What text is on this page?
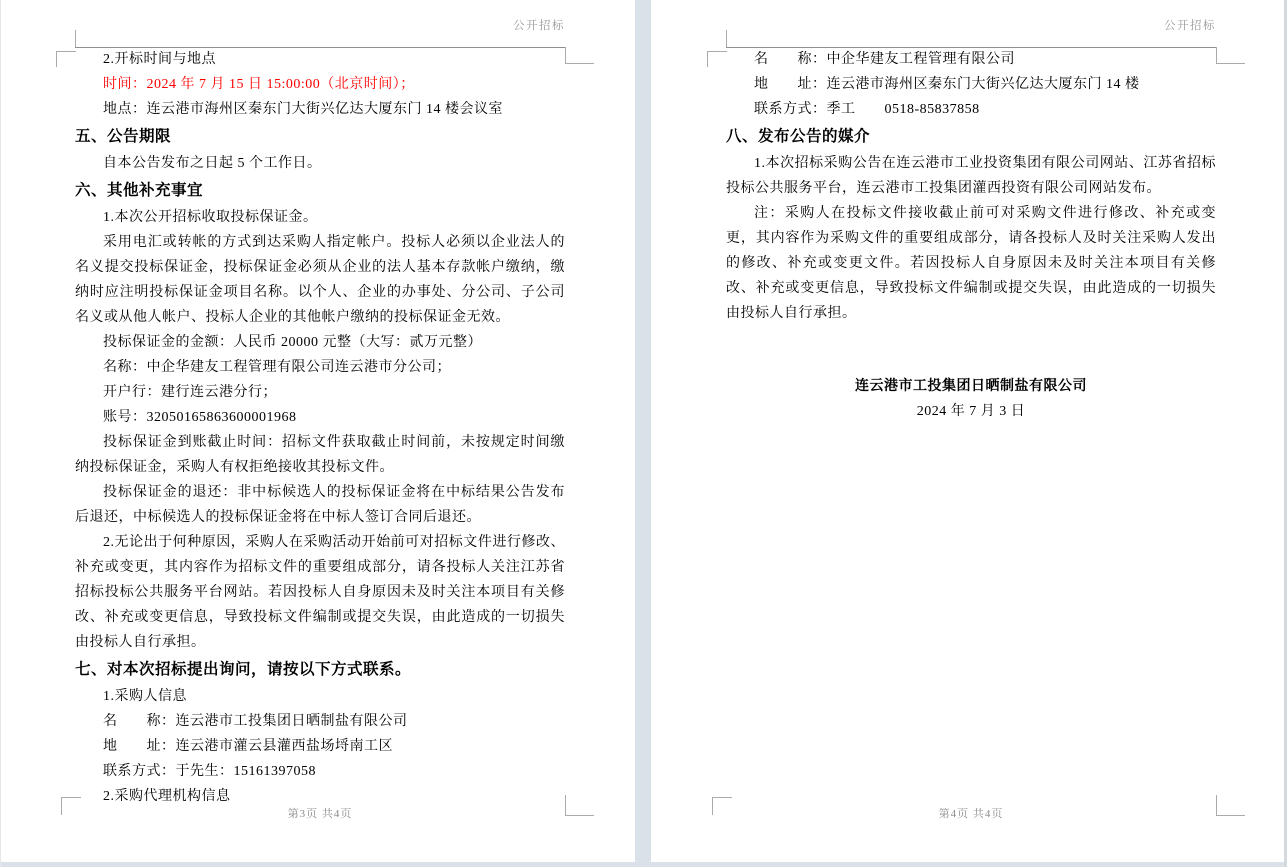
公开招标

2.开标时间与地点

时间：2024 年 7 月 15 日 15:00:00（北京时间）；

地点：连云港市海州区秦东门大街兴亿达大厦东门 14 楼会议室

五、公告期限

自本公告发布之日起 5 个工作日。

六、其他补充事宜

1.本次公开招标收取投标保证金。

采用电汇或转帐的方式到达采购人指定帐户。投标人必须以企业法人的名义提交投标保证金，投标保证金必须从企业的法人基本存款帐户缴纳，缴纳时应注明投标保证金项目名称。以个人、企业的办事处、分公司、子公司名义或从他人帐户、投标人企业的其他帐户缴纳的投标保证金无效。

投标保证金的金额：人民币 20000 元整（大写：贰万元整）

名称：中企华建友工程管理有限公司连云港市分公司；

开户行：建行连云港分行；

账号：32050165863600001968

投标保证金到账截止时间：招标文件获取截止时间前，未按规定时间缴纳投标保证金，采购人有权拒绝接收其投标文件。

投标保证金的退还：非中标候选人的投标保证金将在中标结果公告发布后退还，中标候选人的投标保证金将在中标人签订合同后退还。

2.无论出于何种原因，采购人在采购活动开始前可对招标文件进行修改、补充或变更，其内容作为招标文件的重要组成部分，请各投标人关注江苏省招标投标公共服务平台网站。若因投标人自身原因未及时关注本项目有关修改、补充或变更信息，导致投标文件编制或提交失误，由此造成的一切损失由投标人自行承担。

七、对本次招标提出询问，请按以下方式联系。

1.采购人信息

名　　称：连云港市工投集团日晒制盐有限公司

地　　址：连云港市灌云县灌西盐场埒南工区

联系方式：于先生：15161397058

2.采购代理机构信息

第3页 共4页
公开招标

名　　称：中企华建友工程管理有限公司

地　　址：连云港市海州区秦东门大街兴亿达大厦东门 14 楼

联系方式：季工　　0518-85837858

八、发布公告的媒介

1.本次招标采购公告在连云港市工业投资集团有限公司网站、江苏省招标投标公共服务平台，连云港市工投集团灌西投资有限公司网站发布。

注：采购人在投标文件接收截止前可对采购文件进行修改、补充或变更，其内容作为采购文件的重要组成部分，请各投标人及时关注采购人发出的修改、补充或变更文件。若因投标人自身原因未及时关注本项目有关修改、补充或变更信息，导致投标文件编制或提交失误，由此造成的一切损失由投标人自行承担。

连云港市工投集团日晒制盐有限公司

2024 年 7 月 3 日

第4页 共4页
